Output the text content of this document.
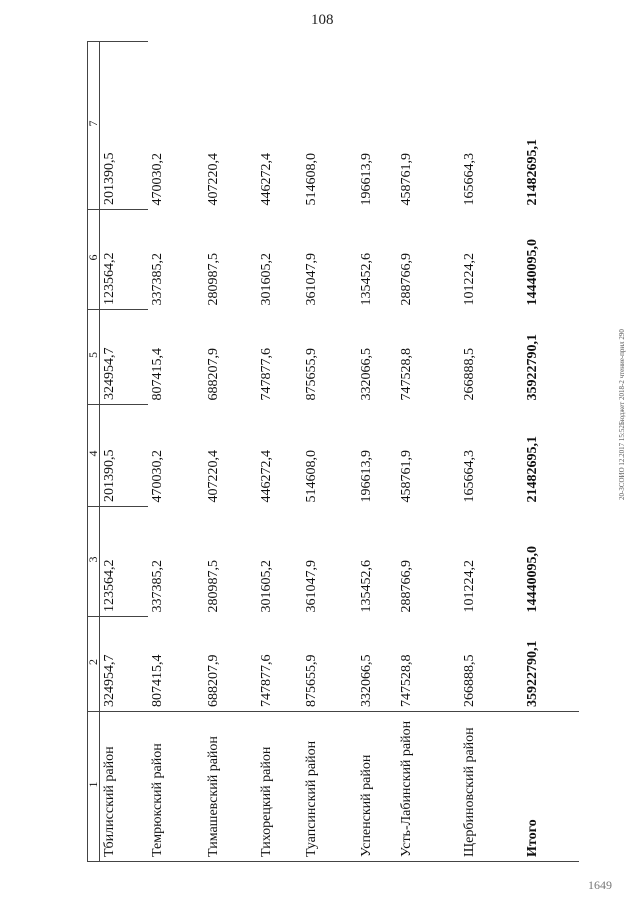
108
1649
20-ЗСОИО 12.2017 15:52Бюджет 2018-2 чтение-прил 290
1	2	3	4	5	6	7
Тбилисский район	324954,7	123564,2	201390,5	324954,7	123564,2	201390,5
Темрюкский район	807415,4	337385,2	470030,2	807415,4	337385,2	470030,2
Тимашевский район	688207,9	280987,5	407220,4	688207,9	280987,5	407220,4
Тихорецкий район	747877,6	301605,2	446272,4	747877,6	301605,2	446272,4
Туапсинский район	875655,9	361047,9	514608,0	875655,9	361047,9	514608,0
Успенский район	332066,5	135452,6	196613,9	332066,5	135452,6	196613,9
Усть-Лабинский район	747528,8	288766,9	458761,9	747528,8	288766,9	458761,9
Щербиновский район	266888,5	101224,2	165664,3	266888,5	101224,2	165664,3
Итого	35922790,1	14440095,0	21482695,1	35922790,1	14440095,0	21482695,1
